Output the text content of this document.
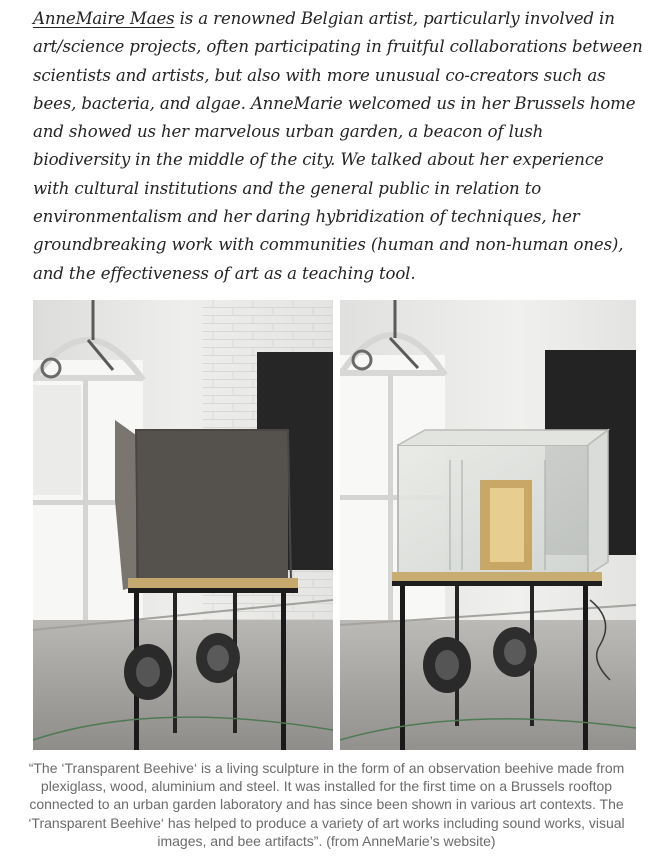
AnneMaire Maes is a renowned Belgian artist, particularly involved in art/science projects, often participating in fruitful collaborations between scientists and artists, but also with more unusual co-creators such as bees, bacteria, and algae. AnneMarie welcomed us in her Brussels home and showed us her marvelous urban garden, a beacon of lush biodiversity in the middle of the city. We talked about her experience with cultural institutions and the general public in relation to environmentalism and her daring hybridization of techniques, her groundbreaking work with communities (human and non-human ones), and the effectiveness of art as a teaching tool.

“The ‘Transparent Beehive‘ is a living sculpture in the form of an observation beehive made from plexiglass, wood, aluminium and steel. It was installed for the first time on a Brussels rooftop connected to an urban garden laboratory and has since been shown in various art contexts. The ‘Transparent Beehive‘ has helped to produce a variety of art works including sound works, visual images, and bee artifacts”. (from AnneMarie’s website)
